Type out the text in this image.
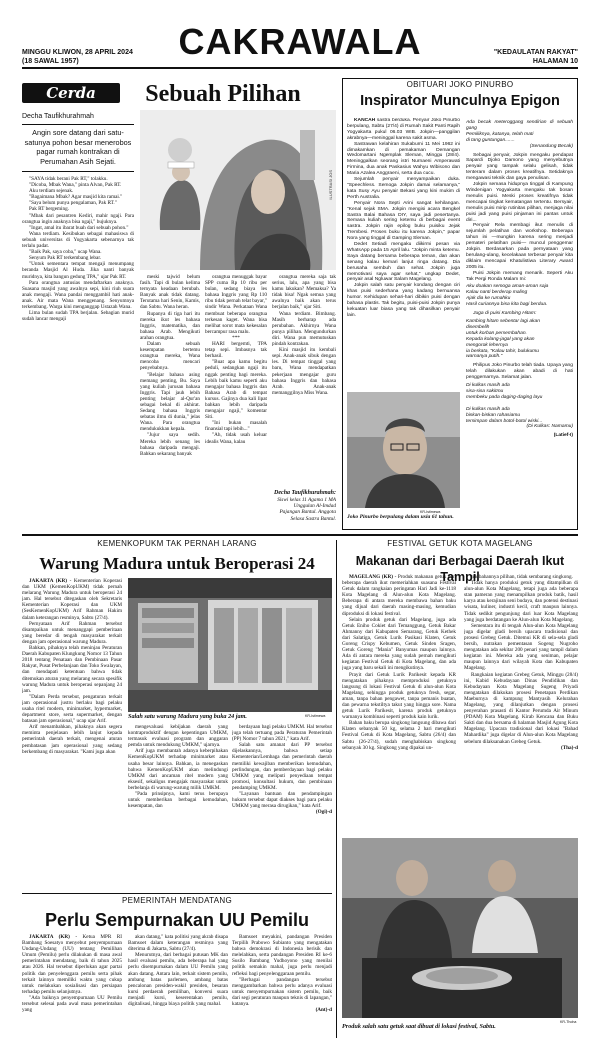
MINGGU KLIWON, 28 APRIL 2024
(18 SAWAL 1957)	CAKRAWALA	"KEDAULATAN RAKYAT"
HALAMAN 10
Cerda	Sebuah Pilihan
Decha Taufikhurahmah
Angin sore datang dari satu-satunya pohon besar menerobos pagar rumah kontrakan di Perumahan Asih Sejati.
ILUSTRASI JOS

"SAYA tidak berani Pak RT," tolakku.

"Dicoba, Mbak Wana," pinta Alvan, Pak RT.

Aku terdiam sejenak.

"Bagaimana Mbak? Agar masjid kita ramai."

"Saya belum punya pengalaman, Pak RT."

Pak RT bergeming.

"Mbak dari pesantren Kediri, mahir ngaji. Para orangtua ingin anaknya bisa ngaji," bujuknya.

"Ingat, amal itu ibarat buah dari sebuah pohon."

Wana terdiam. Kesibukan sebagai mahasiswa di sebuah universitas di Yogyakarta sebenarnya tak terlalu padat.

"Baik Pak, saya coba," ucap Wana.

Senyum Pak RT terkembang lebar.

"Untuk sementara tempat mengaji menumpang beranda Masjid Al Huda. Jika nanti banyak muridnya, kita bangun gedung TPA," ujar Pak RT.

Para orangtua antusias mendaftarkan anaknya. Suasana masjid yang awalnya sepi, kini riuh suara anak mengaji. Wana pandai menggambil hati anak-anak. Air mata Wana menggenang. Senyumnya terkembang. Warga kini menganggap Ustazah Wana.

Lima bulan sudah TPA berjalan. Sebagian murid sudah lancar mengaji

meski tajwid belum fasih. Tapi di bulan kelima ternyata keadaan berubah. Banyak anak tidak datang. Terutama hari Senin, Kamis, dan Sabtu. Wana heran.

Rupanya di tiga hari itu mereka ikut les bahasa Inggris, matematika, dan bahasa Arab. Mengikuti arahan orangtua.

Dalam sebuah kesempatan bertemu orangtua mereka, Wana mencoba mencari penyebabnya.

"Belajar bahasa asing memang penting, Bu. Saya yang kuliah jurusan bahasa Inggris. Tapi jauh lebih penting belajar al-Qur'an sebagai bekal di akhirat. Sedang bahasa Inggris sebatas ilmu di dunia," jelas Wana. Para orangtua mendukukkan kepala.

"Jujur saya sedih. Mereka lebih senang les bahasa daripada mengaji. Bahkan sekarang banyak

orangtua menuggak bayar SPP cuma Rp 10 ribu per bulan, sedang biaya les bahasa Inggris yang Rp 110 ribu tidak pernah telat bayar," sindir Wana. Perkataan Wana membuat beberapa orangtua terkesan kaget. Wana bisa melihat sorot mata kekesalan bercampur rasa malu.

***

HARI bergemti, TPA tetap sepi. Imbasnya tak berhasil.

"Buat apa kamu begitu peduli, sedangkan ngaji itu nggak penting bagi mereka. Lebih baik kamu seperti aku mengajar bahasa Inggris dan Bahasa Arab di tempat kursus. Gajinya dua kali lipat bahkan lebih daripada mengajar ngaji," komentar Siti.

"Ini bukan masalah finansial tapi lebih..."

"Ah, tidak usah keluar idealis Wana, kalau

orangtua mereka saja tak serius, lalu, apa yang bisa kamu lakukan? Memaksa? Ya tidak bisa! Ngak semua yang awalnya baik akan terus berjalan baik," ujar Siti.

Wana terdiam. Bimbang. Masih berharap ada perubahan. Akhirnya Wana punya pilihan. Mengundurkan diri. Wana pun memutuskan pindah kontrakan.

Kini masjid itu kembali sepi. Anak-anak sibuk dengan les. Di tempat tinggal yang baru, Wana mendapatkan pekerjaan mengajar guru bahasa Inggris dan bahasa Arab. Anak-anak memanggilnya Miss Wana.

Decha Taufikhurahmah:
Siswi kelas 11 Agama 1 MA Unggulan Al-Imdad Pajangan Bantul. Anggota Selasa Sastra Bantul.
OBITUARI JOKO PINURBO
Inspirator Munculnya Epigon

KANCAH sastra berduka. Penyair Joko Pinurbo berpulang, Sabtu (27/4) di Rumah Sakit Panti Rapih Yogyakarta pukul 06.03 WIB. Jokpin—panggilan akrabnya—meninggal karena sakit asma.

Sastrawan kelahiran Sukabumi 11 Mei 1962 ini dimakamkan di pemakaman Demangan Wedomartani Ngemplak Sleman, Minggu (28/4). Meninggalkan seorang istri Nurnaeni Amperawati Firmina, dua anak Paskasius Wahyu Wibisono dan Maria Azalea Anggraeni, serta dua cucu.

Sejumlah penyair menyampaikan duka. "Speechless. Semoga Jokpin damai selamanya," kata Susy Ayu penyair Bekasi yang kini mukim di Perth Australia.

Penyair Nora Septi Arini sangat kehilangan. "Kenal sejak SMA. Jokpin mengisi acara Bengkel Sastra Balai Bahasa DIY, saya jadi pesertanya. Semasa kuliah sering ketemu di berbagai event sastra. Jokpin rajin epilog buku puisiku Jejak Trembesi. Proses buku itu karena Jokpin," papar Nora yang tinggal di Gamping Sleman.

Dedet Setiadi mengaku diikirmi pesan via WhatsApp pada 15 April lalu. "Jokpin minta ketemu. Saya datang bersama beberapa teman, dan akan senang kalau kemari lanjut ringa datang. Dia berusaha sembuh dan sehat. Jokpin juga memotivasi saya agar sehat," ungkap Dedet, penyair asal Ngluwar Salam Magelang.

Jokpin salah satu penyair kondang dengan ciri khas puisi sederhana yang kadang bernuansa humor. Kehidupan sehari-hari dibikin puisi dengan bahasa plastis. Tak begitu, puisi-puisi Jokpin punya kekuatan luar biasa yang tak dihasilkan penyair lain.

Ada becak meteroggang sendirian di sebuah gang
Pemiliknya, katanya, telah mati
di tang guntungan.......
(Senandung Becak)

Sebagai penyair, Jokpin mengaku pendapat Sapardi Djoko Damono yang menyebutnya penyair yang tampak selalu gelisah, tidak tenteram dalam proses kreatifnya. Setidaknya mengawasi teknik dan gaya penulisan.

Jokpin semasa hidupnya tinggal di Kampung Windenigan Yogyakarta mengaku tak bosan menulis puisi. Meski proses kreatifnya tidak mencapai tingkat kematangan tertentu. Bersyair, menulis puisi mirip rutinitas pilihan, menjaga nilai puisi jadi yang puisi pinjaman ini pantas untuk diri...

Penyair Rela membagi ikut menulis di sejumlah pelatihan dan workshop. Beberapa tahun ini —mungkin karena sering menjadi pemateri pelatihan puisi— muncul penggemar Jokpin. Berdasarkan pada pernyataan yang berulang-ulang, kecelakaan terbesar penyair kita diklaim mencapai Khatulistiwa Literary Award 2005 itu.

Puisi Jokpin memang menarik. Seperti Aku Tak Pergi Ronda Malam Ini:

Aku doakan semoga aman-aman saja
Kalau nanti berderap maling
Ajak dia ke rumahku
Hasil curiannya bisa kita bagi berdua.

Juga di puisi Kambing Hitam:

Kambing hitam sebentar lagi akan
disembelih
untuk korban persembahan.
Kepada kolang-jagal yang akan
mengorok lehernya
ia berkata, "Kalau tahir, bulukumu
warnanya putih."

Philipus Joko Pinurbo telah tiada. Upaya yang telah dilakukan akan abadi di hati penggemarnya. Selamat jalan.

Di kulkas masih ada
sisa-sisa sakitmu
membeku pada daging-daging layu

Di kulkas masih ada
biskan-biskan rahasiamu
tersimpan dalam botol-botol wiski...
(Di Kulkas: Namamu)

(Latief-I)

KR-Istimewa
Joko Pinurbo berpulang dalam usia 61 tahun.
KEMENKOPUKM TAK PERNAH LARANG
Warung Madura untuk Beroperasi 24

JAKARTA (KR) - Kementerian Koperasi dan UKM (KemenKopUKM) tidak pernah melarang Warung Madura untuk beroperasi 24 jam. Hal tersebut ditegaskan oleh Sekretaris Kementerian Koperasi dan UKM (SesKemenKopUKM) Arif Rahman Hakim dalam keterangan resminya, Sabtu (27/4).

Pernyataan Arif Rahman tersebut disampaikan untuk menanggapi pemberitaan yang beredar di tengah masyarakat terkait dengan jam operasional warung Madura.

Bahkan, pihaknya telah meninjau Peraturan Daerah Kabupaten Klungkung Nomor 13 Tahun 2018 tentang Penataan dan Pembinaan Pasar Rakyat, Pusat Perbelanjaan dan Toko Swalayan, dan mendapati ketentuan bahwa tidak ditemukan aturan yang melarang secara spesifik warung Madura untuk beroperasi sepanjang 24 jam.

"Dalam Perda tersebut, pengaturan terkait jam operasional justru berlaku bagi pelaku usaha ritel modern, minimarket, hypermarket, department store, serta supermarket, dengan batasan jam operasional," ucap ujar Arif.

Arif menambahkan, pihaknya akan segera meminta penjelasan lebih lanjut kepada pemerintah daerah terkait, mengenai aturan pembatasan jam operasional yang sedang berkembang di masyarakat. "Kami juga akan

KR-Istimewa
Salah satu warung Madura yang buka 24 jam.

mengevaluasi kebijakan daerah yang kontraproduktif dengan kepentingan UMKM, termasuk evaluasi program dan anggaran pemda untuk mendukung UMKM," ujarnya.

Arif juga membantah adanya keberpihakan KemenKopUKM terhadap minimarket atau usaha besar lainnya. Bahkan, ia menegaskan bahwa KemenKopUKM akan melindungi UMKM dari ancaman ritel modern yang eksesif, sekaligus mengajak masyarakat untuk berbelanja di warung-warung milik UMKM.

"Pada prinsipnya, kami terus berupaya untuk memberikan berbagai kemudahan, kesempatan, dan

berdayaan bagi pelaku UMKM. Hal tersebut juga telah tertuang pada Peraturan Pemerintah (PP) Nomor 7 tahun 2021," kata Arif.

Salah satu amanat dari PP tersebut dijelaskannya, bahwa setiap Kementerian/Lembaga dan pemerintah daerah memiliki kewajiban memberikan kemudahan, perlindungan, dan pemberdayaan bagi pelaku UMKM yang meliputi penyediaan tempat promosi, konsultasi hukum, dan pembinaan pendamping UMKM.

"Layanan bantuan dan pendampingan hukum tersebut dapat diakses bagi para pelaku UMKM yang merasa dirugikan," kata Arif.

(Ogi)-d

FESTIVAL GETUK KOTA MAGELANG
Makanan dari Berbagai Daerah Ikut Tampil

MAGELANG (KR) - Produk makanan getuk dari beberapa daerah ikut memeriahkan suasana Festival Getuk dalam rangkaian peringatan Hari Jadi ke-1118 Kota Magelang di Alun-alun Kota Magelang. Beberapa di antara mereka membawa bahan baku yang dijual dari daerah masing-masing, kemudian diproduksi di lokasi festival.

Selain produk getuk dari Magelang, juga ada Getuk Eniho Cokiet dari Temanggung, Getuk Bakar Ahmanny dari Kabupaten Semarang, Getuk Kethek dari Salatiga, Getuk Lurik Pasikasi Klaten, Getuk Goreng Crispy Kebumen, Getuk Sinden Sragen, Getuk Goreng "Mania" Banyumas maupun lainnya. Ada di antara mereka yang sudah pernah mengikuti kegiatan Festival Getuk di Kota Magelang, dan ada juga yang baru sekali ini mengikutinya.

Prayit dari Getuk Lurik Parikesit kepada KR mengatakan pihaknya memproduksi getuknya langsung di lokasi Festival Getuk di alun-alun Kota Magelang, sehingga produk getuknya fresh, segar, aman, tanpa bahan pengawet, tanpa pemanis buatan, dan pewarna tekstiltya takut yang hingga sore. Nama getuk Lurik Parikesit, karena produk getuknya warnanya kombinasi seperti produk kain lurik.

Bahan baku berupa singkong langsung dibawa dari Klaten sebanyak 50 kg, selama 2 hari mengikuti Festival Getuk di Kota Magelang, Sabtu (26/4) dan Sabtu (26-27/4), sudah menghabiskan singkong sebanyak 30 kg. Singkong yang dipakai un-

tuk bahannya pilihan, tidak sembarang singkong.

Tidak hanya produksi getuk yang ditampilkan di alun-alun Kota Magelang, tetapi juga ada beberapa stan pameran yang menampilkan produk batik, hasil karya atau kerajinan seni budaya, dan potensi destinasi wisata, kuliner, industri kecil, craft maupun lainnya. Tidak sedikit pengunjung dari luar Kota Magelang yang juga berdatangan ke Alun-alun Kota Magelang.

Sementara itu di tengah Alun-alun Kota Magelang juga digelar gladi bersih upacara tradisional dan prosesi Grebeg Getuk. Ditemui KR di sela-sela gladi bersih, nutrakan pementasan Sogeng Nugroho mengatakan ada sekitar 200 penari yang tampil dalam kegiatan ini. Mereka ada yang seniman, pelajar maupun lainnya dari wilayah Kota dan Kabupaten Magelang.

Rangkaian kegiatan Grebeg Getuk, Minggu (28/4) ini, Kabid Kebudayaan Dinas Pendidikan dan Kebudayaan Kota Magelang Sugeng Priyadi mengatakan dilakukan prosesi Penetapan Perdikan Maeburnya di kampung Mantyasih Kelurahan Magelang, yang dilanjutkan dengan prosesi penyerahan prasasti di Kantor Perumda Air Minum (PDAM) Kota Magelang. Kirab Kencana dan Buku Sakti dan dua bersama di halaman Masjid Agung Kota Magelang. Upacara tradisional dari lokasi "Bahad Mahardika" juga digelar di Alun-alun Kota Magelang sebelum dilaksanakan Grebeg Getuk.

(Tha)-d

KR-Thoha
Produk salah satu getuk saat dibuat di lokasi festival, Sabtu.
PEMERINTAH MENDATANG
Perlu Sempurnakan UU Pemilu

JAKARTA (KR) - Ketua MPR RI Bambang Soesatyo menyebut penyempurnaan Undang-Undang (UU) tentang Pemilihan Umum (Pemilu) perlu dilakukan di masa awal pemerintahan mendatang, baik di tahun 2025 atau 2026. Hal tersebut diperlukan agar partai politik dan penyelenggara pemilu serta pihak terkait lainnya memiliki waktu yang cukup untuk melakukan sosialisasi dan persiapan terhadap pemilu selanjutnya.

"Ada baiknya penyempurnaan UU Pemilu tersebut selesai pada awal masa pemerintahan yang

akan datang," kata politisi yang akrab disapa Bamsoet dalam keterangan resminya yang diterima di Jakarta, Sabtu (27/4).

Menurutnya, dari berbagai putusan MK dan hasil evaluasi pemilu, ada beberapa hal yang perlu disempurnakan dalam UU Pemilu yang akan datang. Antara lain, terkait sistem pemilu, ambang batas parlemen, ambang batas pencalonan presiden-wakil presiden, besaran kursi perdaerah pemilihan, konversi suara menjadi kursi, keserentakan pemilu, digitalisasi, hingga biaya politik yang mahal.

Bamsoet meyakini, pandangan Presiden Terpilih Prabowo Subianto yang mengatakan bahwa demokrasi di Indonesia berisik dan melelahkan, serta pandangan Presiden RI ke-6 Susilo Bambang Yudhoyono yang menilai politik semakin mahal, juga perlu menjadi refleksi bagi penyelenggaraan pemilu.

"Berbagai pandangan tersebut menggambarkan bahwa perlu adanya evaluasi untuk menyempurnakan sistem pemilu, baik dari segi peraturan maupun teknis di lapangan," katanya.

(Ant)-d
